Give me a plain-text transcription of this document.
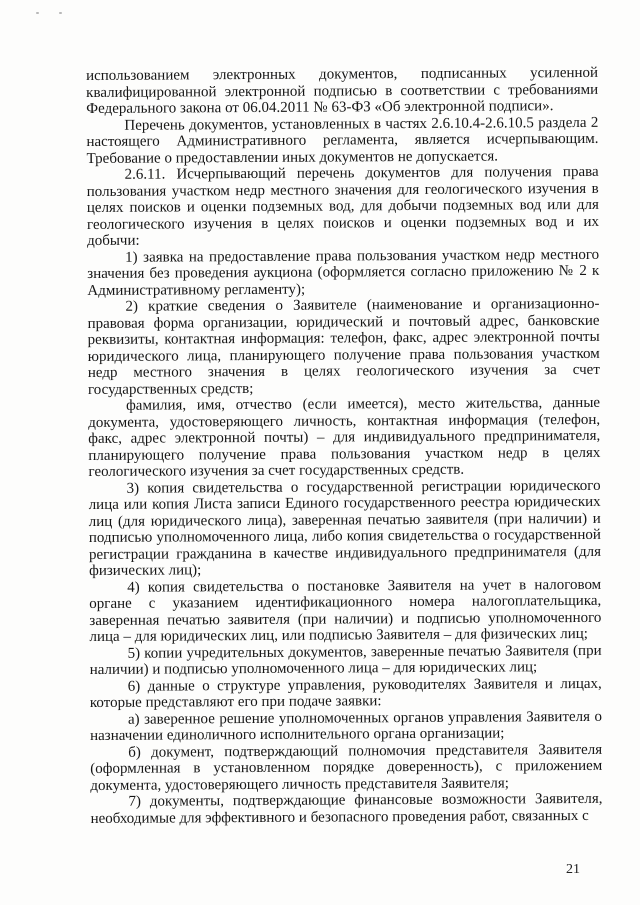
использованием электронных документов, подписанных усиленной квалифицированной электронной подписью в соответствии с требованиями Федерального закона от 06.04.2011 № 63-ФЗ «Об электронной подписи».

Перечень документов, установленных в частях 2.6.10.4-2.6.10.5 раздела 2 настоящего Административного регламента, является исчерпывающим. Требование о предоставлении иных документов не допускается.

2.6.11. Исчерпывающий перечень документов для получения права пользования участком недр местного значения для геологического изучения в целях поисков и оценки подземных вод, для добычи подземных вод или для геологического изучения в целях поисков и оценки подземных вод и их добычи:

1) заявка на предоставление права пользования участком недр местного значения без проведения аукциона (оформляется согласно приложению № 2 к Административному регламенту);

2) краткие сведения о Заявителе (наименование и организационно-правовая форма организации, юридический и почтовый адрес, банковские реквизиты, контактная информация: телефон, факс, адрес электронной почты юридического лица, планирующего получение права пользования участком недр местного значения в целях геологического изучения за счет государственных средств;

фамилия, имя, отчество (если имеется), место жительства, данные документа, удостоверяющего личность, контактная информация (телефон, факс, адрес электронной почты) – для индивидуального предпринимателя, планирующего получение права пользования участком недр в целях геологического изучения за счет государственных средств.

3) копия свидетельства о государственной регистрации юридического лица или копия Листа записи Единого государственного реестра юридических лиц (для юридического лица), заверенная печатью заявителя (при наличии) и подписью уполномоченного лица, либо копия свидетельства о государственной регистрации гражданина в качестве индивидуального предпринимателя (для физических лиц);

4) копия свидетельства о постановке Заявителя на учет в налоговом органе с указанием идентификационного номера налогоплательщика, заверенная печатью заявителя (при наличии) и подписью уполномоченного лица – для юридических лиц, или подписью Заявителя – для физических лиц;

5) копии учредительных документов, заверенные печатью Заявителя (при наличии) и подписью уполномоченного лица – для юридических лиц;

6) данные о структуре управления, руководителях Заявителя и лицах, которые представляют его при подаче заявки:

а) заверенное решение уполномоченных органов управления Заявителя о назначении единоличного исполнительного органа организации;

б) документ, подтверждающий полномочия представителя Заявителя (оформленная в установленном порядке доверенность), с приложением документа, удостоверяющего личность представителя Заявителя;

7) документы, подтверждающие финансовые возможности Заявителя, необходимые для эффективного и безопасного проведения работ, связанных с

21
